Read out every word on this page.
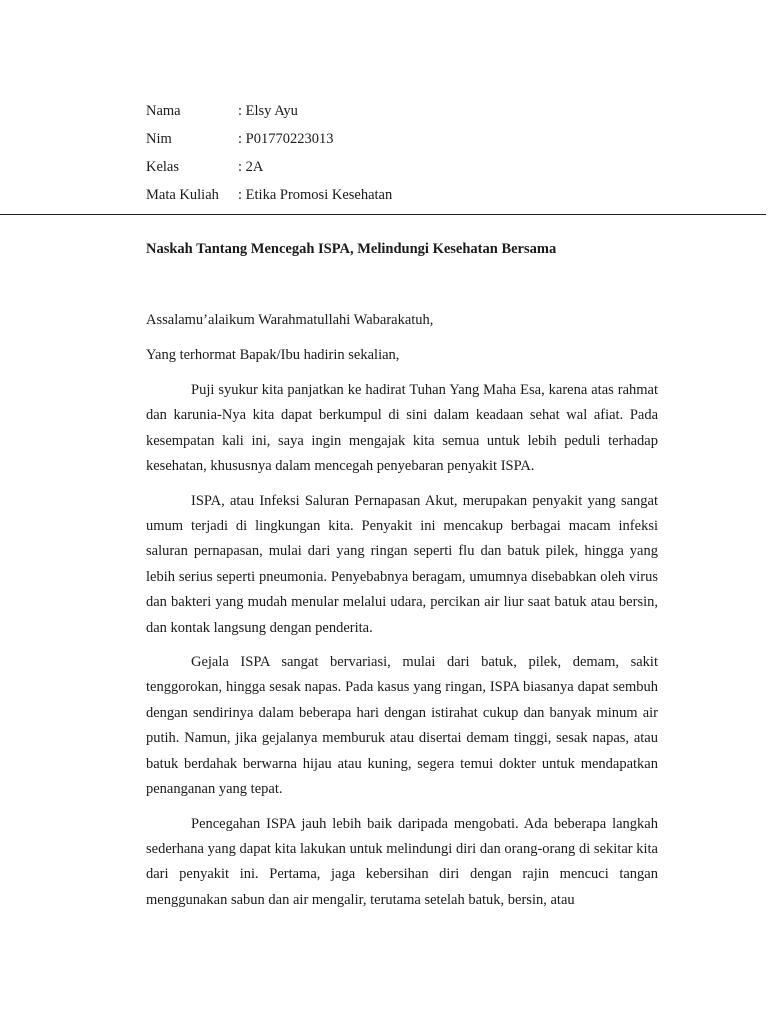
Nama	: Elsy Ayu
Nim	: P01770223013
Kelas	: 2A
Mata Kuliah : Etika Promosi Kesehatan
Naskah Tantang Mencegah ISPA, Melindungi Kesehatan Bersama
Assalamu’alaikum Warahmatullahi Wabarakatuh,
Yang terhormat Bapak/Ibu hadirin sekalian,

Puji syukur kita panjatkan ke hadirat Tuhan Yang Maha Esa, karena atas rahmat dan karunia-Nya kita dapat berkumpul di sini dalam keadaan sehat wal afiat. Pada kesempatan kali ini, saya ingin mengajak kita semua untuk lebih peduli terhadap kesehatan, khususnya dalam mencegah penyebaran penyakit ISPA.

ISPA, atau Infeksi Saluran Pernapasan Akut, merupakan penyakit yang sangat umum terjadi di lingkungan kita. Penyakit ini mencakup berbagai macam infeksi saluran pernapasan, mulai dari yang ringan seperti flu dan batuk pilek, hingga yang lebih serius seperti pneumonia. Penyebabnya beragam, umumnya disebabkan oleh virus dan bakteri yang mudah menular melalui udara, percikan air liur saat batuk atau bersin, dan kontak langsung dengan penderita.

Gejala ISPA sangat bervariasi, mulai dari batuk, pilek, demam, sakit tenggorokan, hingga sesak napas. Pada kasus yang ringan, ISPA biasanya dapat sembuh dengan sendirinya dalam beberapa hari dengan istirahat cukup dan banyak minum air putih. Namun, jika gejalanya memburuk atau disertai demam tinggi, sesak napas, atau batuk berdahak berwarna hijau atau kuning, segera temui dokter untuk mendapatkan penanganan yang tepat.

Pencegahan ISPA jauh lebih baik daripada mengobati. Ada beberapa langkah sederhana yang dapat kita lakukan untuk melindungi diri dan orang-orang di sekitar kita dari penyakit ini. Pertama, jaga kebersihan diri dengan rajin mencuci tangan menggunakan sabun dan air mengalir, terutama setelah batuk, bersin, atau
